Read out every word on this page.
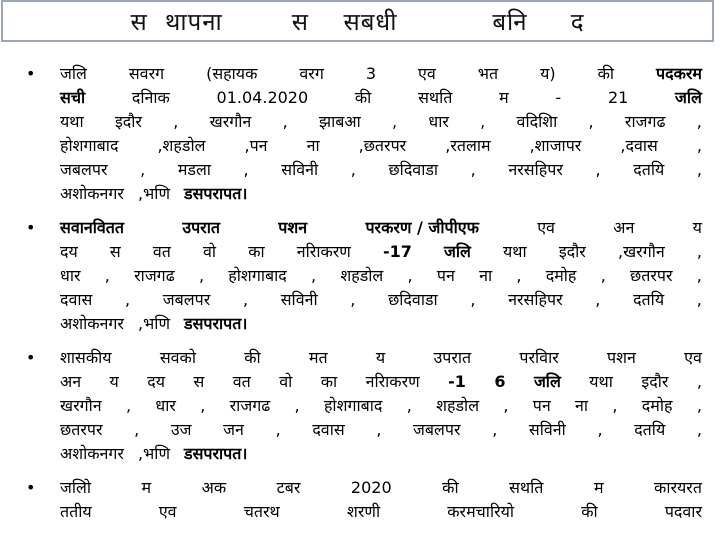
स  थापना        स    सबधी           बनि     द
• जलि	सवरग	(सहायक	वरग	3	एव	भत	य)	की	पदकरम
सची	दनिाक	01.04.2020	की	सथति	म	-	21	जलि
यथा इदौर , खरगौन , झाबआ , धार , वदिशिा , राजगढ ,
होशगाबाद ,शहडोल ,पन ना ,छतरपर ,रतलाम ,शाजापर ,दवास ,
जबलपर , मडला , सविनी , छदिवाडा , नरसहिपर , दतयि ,
अशोकनगर ,भणि ड स पराप त।
• सवानवितत	उपरात	पशन	परकरण / जीपीएफ	एव	अन	य
दय स वत वो का नरिाकरण -17 जलि यथा इदौर ,खरगौन ,
धार , राजगढ , होशगाबाद , शहडोल , पन ना , दमोह , छतरपर ,
दवास , जबलपर , सविनी , छदिवाडा , नरसहिपर , दतयि ,
अशोकनगर ,भणि ड स पराप त।
• शासकीय	सवको	की	मत	य	उपरात	परविार	पशन	एव
अन य दय स वत वो का नरिाकरण -1 6 जलि यथा इदौर ,
खरगौन , धार , राजगढ , होशगाबाद , शहडोल , पन ना , दमोह ,
छतरपर , उज जन , दवास , जबलपर , सविनी , दतयि ,
अशोकनगर ,भणि ड स पराप त।
• जलिो	म	अक	टबर	2020	की	सथति	म	कारयरत
ततीय	एव	चतरथ	शरणी	करमचारियो	की	पदवार
